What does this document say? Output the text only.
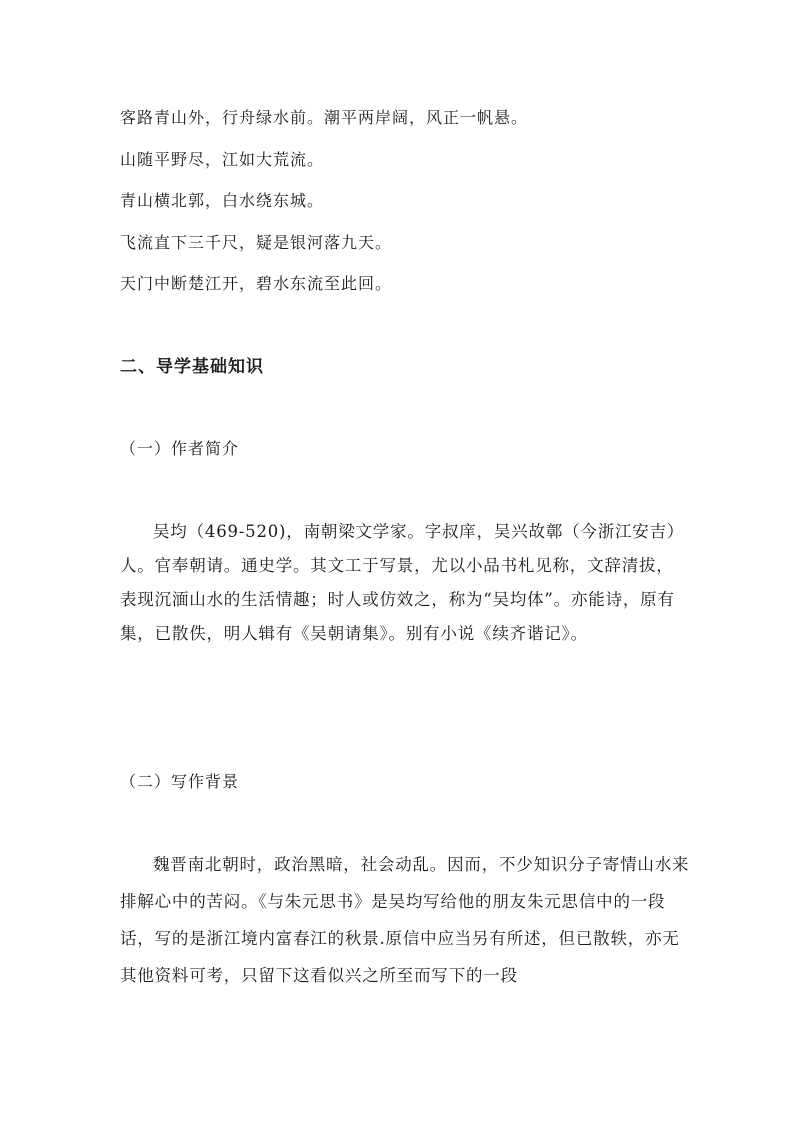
客路青山外，行舟绿水前。潮平两岸阔，风正一帆悬。
山随平野尽，江如大荒流。
青山横北郭，白水绕东城。
飞流直下三千尺，疑是银河落九天。
天门中断楚江开，碧水东流至此回。
二、导学基础知识
（一）作者简介

吴均（469-520)，南朝梁文学家。字叔庠，吴兴故鄣（今浙江安吉）人。官奉朝请。通史学。其文工于写景，尤以小品书札见称，文辞清拔，表现沉湎山水的生活情趣；时人或仿效之，称为“吴均体”。亦能诗，原有集，已散佚，明人辑有《吴朝请集》。别有小说《续齐谐记》。

（二）写作背景

魏晋南北朝时，政治黑暗，社会动乱。因而，不少知识分子寄情山水来排解心中的苦闷。《与朱元思书》是吴均写给他的朋友朱元思信中的一段话，写的是浙江境内富春江的秋景.原信中应当另有所述，但已散轶，亦无其他资料可考，只留下这看似兴之所至而写下的一段
